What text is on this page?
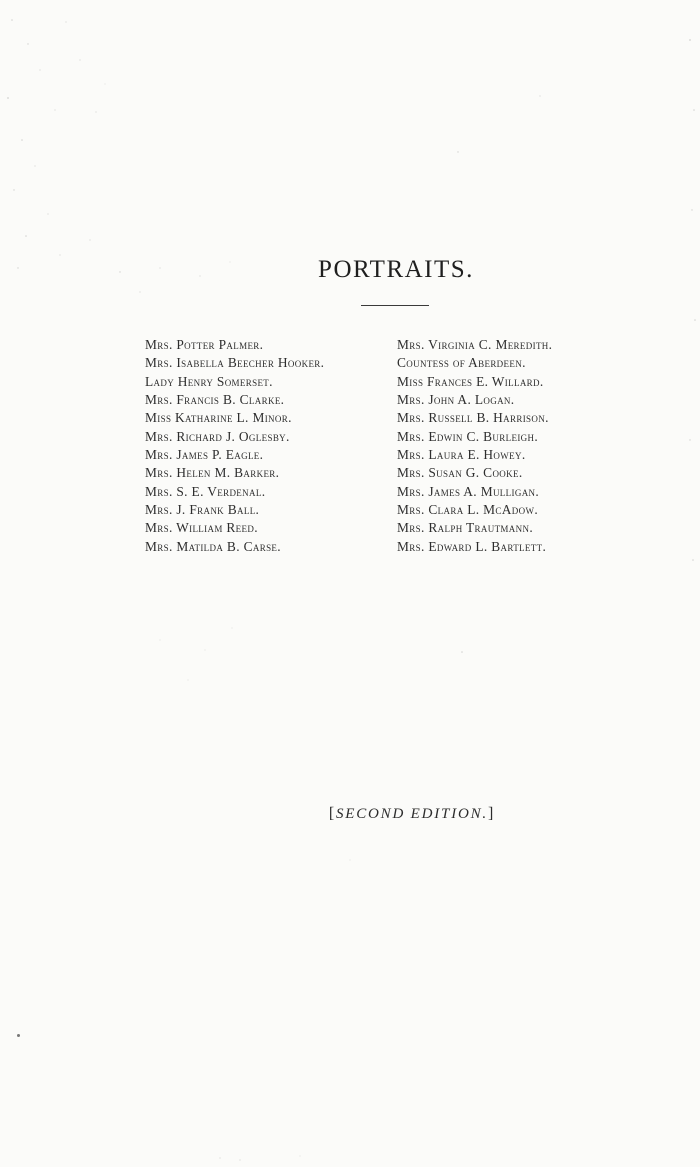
PORTRAITS.
Mrs. Potter Palmer.
Mrs. Isabella Beecher Hooker.
Lady Henry Somerset.
Mrs. Francis B. Clarke.
Miss Katharine L. Minor.
Mrs. Richard J. Oglesby.
Mrs. James P. Eagle.
Mrs. Helen M. Barker.
Mrs. S. E. Verdenal.
Mrs. J. Frank Ball.
Mrs. William Reed.
Mrs. Matilda B. Carse.
Mrs. Virginia C. Meredith.
Countess of Aberdeen.
Miss Frances E. Willard.
Mrs. John A. Logan.
Mrs. Russell B. Harrison.
Mrs. Edwin C. Burleigh.
Mrs. Laura E. Howey.
Mrs. Susan G. Cooke.
Mrs. James A. Mulligan.
Mrs. Clara L. McAdow.
Mrs. Ralph Trautmann.
Mrs. Edward L. Bartlett.
[SECOND EDITION.]
